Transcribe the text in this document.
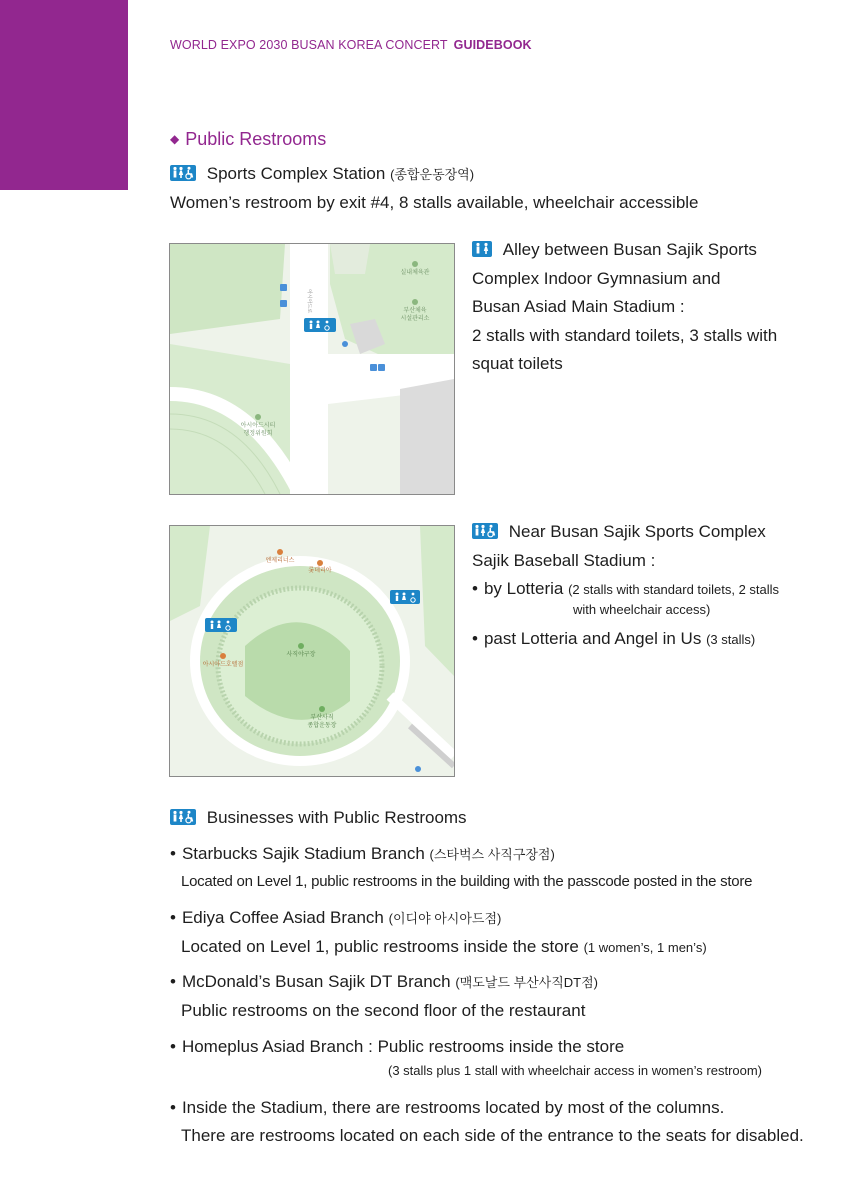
WORLD EXPO 2030 BUSAN KOREA CONCERT GUIDEBOOK
◆ Public Restrooms
Sports Complex Station (종합운동장역)
Women’s restroom by exit #4, 8 stalls available, wheelchair accessible
실내체육관
부산체육
시설관리소
아시아드로
아시아드시티
행정위원회
Alley between Busan Sajik Sports
Complex Indoor Gymnasium and
Busan Asiad Main Stadium :
2 stalls with standard toilets, 3 stalls with
squat toilets
엔제리너스
롯데리아
사직야구장
아시아드호텔점
부산사직
종합운동장
Near Busan Sajik Sports Complex
Sajik Baseball Stadium :
• by Lotteria (2 stalls with standard toilets, 2 stalls
with wheelchair access)
• past Lotteria and Angel in Us (3 stalls)
Businesses with Public Restrooms
• Starbucks Sajik Stadium Branch (스타벅스 사직구장점)
Located on Level 1, public restrooms in the building with the passcode posted in the store
• Ediya Coffee Asiad Branch (이디야 아시아드점)
Located on Level 1, public restrooms inside the store (1 women’s, 1 men’s)
• McDonald’s Busan Sajik DT Branch (맥도날드 부산사직DT점)
Public restrooms on the second floor of the restaurant
• Homeplus Asiad Branch : Public restrooms inside the store
(3 stalls plus 1 stall with wheelchair access in women’s restroom)
• Inside the Stadium, there are restrooms located by most of the columns.
There are restrooms located on each side of the entrance to the seats for disabled.
